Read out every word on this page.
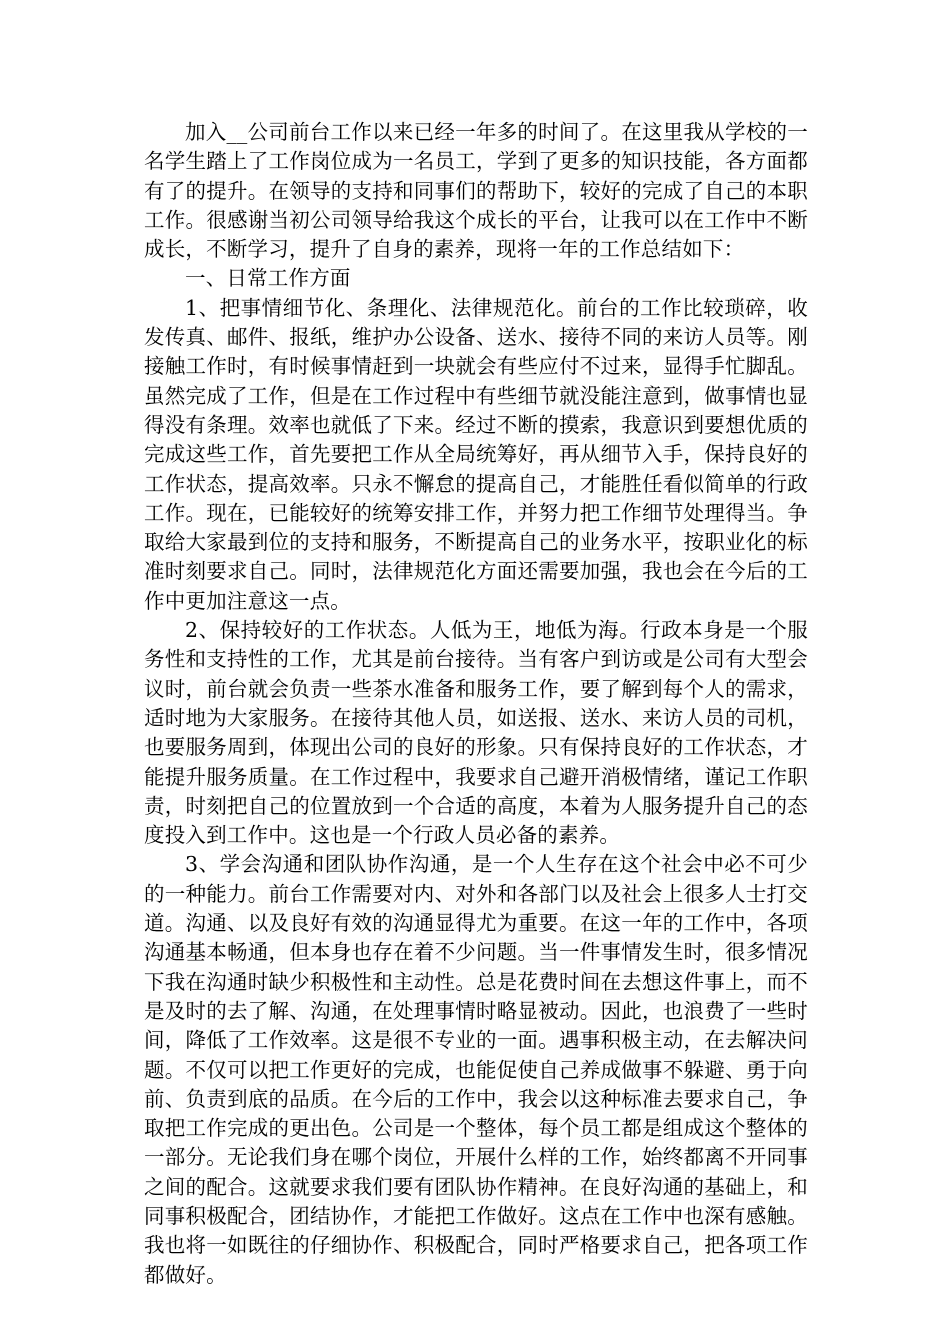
加入__公司前台工作以来已经一年多的时间了。在这里我从学校的一名学生踏上了工作岗位成为一名员工，学到了更多的知识技能，各方面都有了的提升。在领导的支持和同事们的帮助下，较好的完成了自己的本职工作。很感谢当初公司领导给我这个成长的平台，让我可以在工作中不断成长，不断学习，提升了自身的素养，现将一年的工作总结如下：

一、日常工作方面

1、把事情细节化、条理化、法律规范化。前台的工作比较琐碎，收发传真、邮件、报纸，维护办公设备、送水、接待不同的来访人员等。刚接触工作时，有时候事情赶到一块就会有些应付不过来，显得手忙脚乱。虽然完成了工作，但是在工作过程中有些细节就没能注意到，做事情也显得没有条理。效率也就低了下来。经过不断的摸索，我意识到要想优质的完成这些工作，首先要把工作从全局统筹好，再从细节入手，保持良好的工作状态，提高效率。只永不懈怠的提高自己，才能胜任看似简单的行政工作。现在，已能较好的统筹安排工作，并努力把工作细节处理得当。争取给大家最到位的支持和服务，不断提高自己的业务水平，按职业化的标准时刻要求自己。同时，法律规范化方面还需要加强，我也会在今后的工作中更加注意这一点。

2、保持较好的工作状态。人低为王，地低为海。行政本身是一个服务性和支持性的工作，尤其是前台接待。当有客户到访或是公司有大型会议时，前台就会负责一些茶水准备和服务工作，要了解到每个人的需求，适时地为大家服务。在接待其他人员，如送报、送水、来访人员的司机，也要服务周到，体现出公司的良好的形象。只有保持良好的工作状态，才能提升服务质量。在工作过程中，我要求自己避开消极情绪，谨记工作职责，时刻把自己的位置放到一个合适的高度，本着为人服务提升自己的态度投入到工作中。这也是一个行政人员必备的素养。

3、学会沟通和团队协作沟通，是一个人生存在这个社会中必不可少的一种能力。前台工作需要对内、对外和各部门以及社会上很多人士打交道。沟通、以及良好有效的沟通显得尤为重要。在这一年的工作中，各项沟通基本畅通，但本身也存在着不少问题。当一件事情发生时，很多情况下我在沟通时缺少积极性和主动性。总是花费时间在去想这件事上，而不是及时的去了解、沟通，在处理事情时略显被动。因此，也浪费了一些时间，降低了工作效率。这是很不专业的一面。遇事积极主动，在去解决问题。不仅可以把工作更好的完成，也能促使自己养成做事不躲避、勇于向前、负责到底的品质。在今后的工作中，我会以这种标准去要求自己，争取把工作完成的更出色。公司是一个整体，每个员工都是组成这个整体的一部分。无论我们身在哪个岗位，开展什么样的工作，始终都离不开同事之间的配合。这就要求我们要有团队协作精神。在良好沟通的基础上，和同事积极配合，团结协作，才能把工作做好。这点在工作中也深有感触。我也将一如既往的仔细协作、积极配合，同时严格要求自己，把各项工作都做好。
